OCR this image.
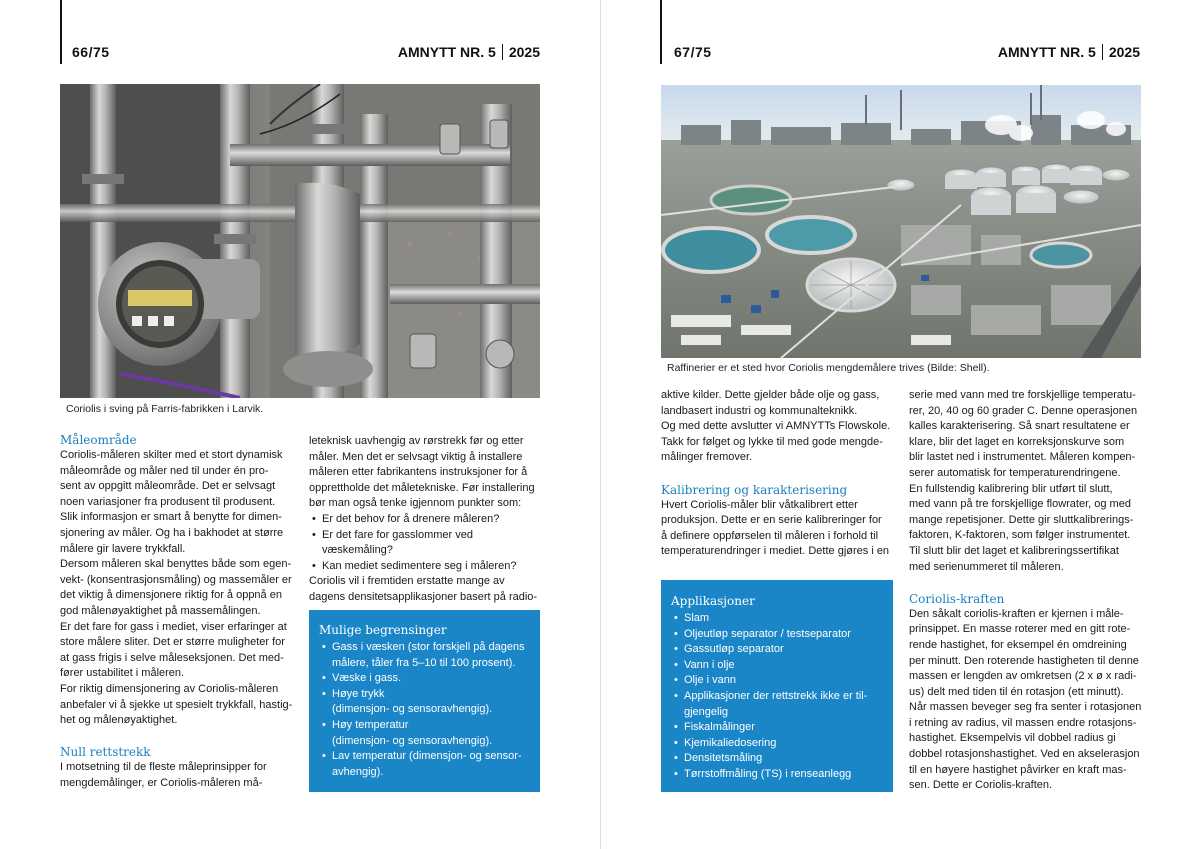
66/75	AMNYTT NR. 5 2025
Coriolis i sving på Farris-fabrikken i Larvik.

Måleområde

Coriolis-måleren skilter med et stort dynamisk

måleområde og måler ned til under én pro-

sent av oppgitt måleområde. Det er selvsagt

noen variasjoner fra produsent til produsent.

Slik informasjon er smart å benytte for dimen-

sjonering av måler. Og ha i bakhodet at større

målere gir lavere trykkfall.

Dersom måleren skal benyttes både som egen-

vekt- (konsentrasjonsmåling) og massemåler er

det viktig å dimensjonere riktig for å oppnå en

god målenøyaktighet på massemålingen.

Er det fare for gass i mediet, viser erfaringer at

store målere sliter. Det er større muligheter for

at gass frigis i selve måleseksjonen. Det med-

fører ustabilitet i måleren.

For riktig dimensjonering av Coriolis-måleren

anbefaler vi å sjekke ut spesielt trykkfall, hastig-

het og målenøyaktighet.

Null rettstrekk

I motsetning til de fleste måleprinsipper for

mengdemålinger, er Coriolis-måleren må-

leteknisk uavhengig av rørstrekk før og etter

måler. Men det er selvsagt viktig å installere

måleren etter fabrikantens instruksjoner for å

opprettholde det måletekniske. Før installering

bør man også tenke igjennom punkter som:

• Er det behov for å drenere måleren?
• Er det fare for gasslommer ved væskemåling?
• Kan mediet sedimentere seg i måleren?

Coriolis vil i fremtiden erstatte mange av

dagens densitetsapplikasjoner basert på radio-

Mulige begrensinger

• Gass i væsken (stor forskjell på dagens
målere, tåler fra 5–10 til 100 prosent).
• Væske i gass.
• Høye trykk
(dimensjon- og sensoravhengig).
• Høy temperatur
(dimensjon- og sensoravhengig).
• Lav temperatur (dimensjon- og sensor-
avhengig).
67/75	AMNYTT NR. 5 2025
Raffinerier er et sted hvor Coriolis mengdemålere trives (Bilde: Shell).

aktive kilder. Dette gjelder både olje og gass,

landbasert industri og kommunalteknikk.

Og med dette avslutter vi AMNYTTs Flowskole.

Takk for følget og lykke til med gode mengde-

målinger fremover.

Kalibrering og karakterisering

Hvert Coriolis-måler blir våtkalibrert etter

produksjon. Dette er en serie kalibreringer for

å definere oppførselen til måleren i forhold til

temperaturendringer i mediet. Dette gjøres i en

Applikasjoner

• Slam
• Oljeutløp separator / testseparator
• Gassutløp separator
• Vann i olje
• Olje i vann
• Applikasjoner der rettstrekk ikke er til-
gjengelig
• Fiskalmålinger
• Kjemikaliedosering
• Densitetsmåling
• Tørrstoffmåling (TS) i renseanlegg

serie med vann med tre forskjellige temperatu-

rer, 20, 40 og 60 grader C. Denne operasjonen

kalles karakterisering. Så snart resultatene er

klare, blir det laget en korreksjonskurve som

blir lastet ned i instrumentet. Måleren kompen-

serer automatisk for temperaturendringene.

En fullstendig kalibrering blir utført til slutt,

med vann på tre forskjellige flowrater, og med

mange repetisjoner. Dette gir sluttkalibrerings-

faktoren, K-faktoren, som følger instrumentet.

Til slutt blir det laget et kalibreringssertifikat

med serienummeret til måleren.

Coriolis-kraften

Den såkalt coriolis-kraften er kjernen i måle-

prinsippet. En masse roterer med en gitt rote-

rende hastighet, for eksempel én omdreining

per minutt. Den roterende hastigheten til denne

massen er lengden av omkretsen (2 x ø x radi-

us) delt med tiden til én rotasjon (ett minutt).

Når massen beveger seg fra senter i rotasjonen

i retning av radius, vil massen endre rotasjons-

hastighet. Eksempelvis vil dobbel radius gi

dobbel rotasjonshastighet. Ved en akselerasjon

til en høyere hastighet påvirker en kraft mas-

sen. Dette er Coriolis-kraften.
